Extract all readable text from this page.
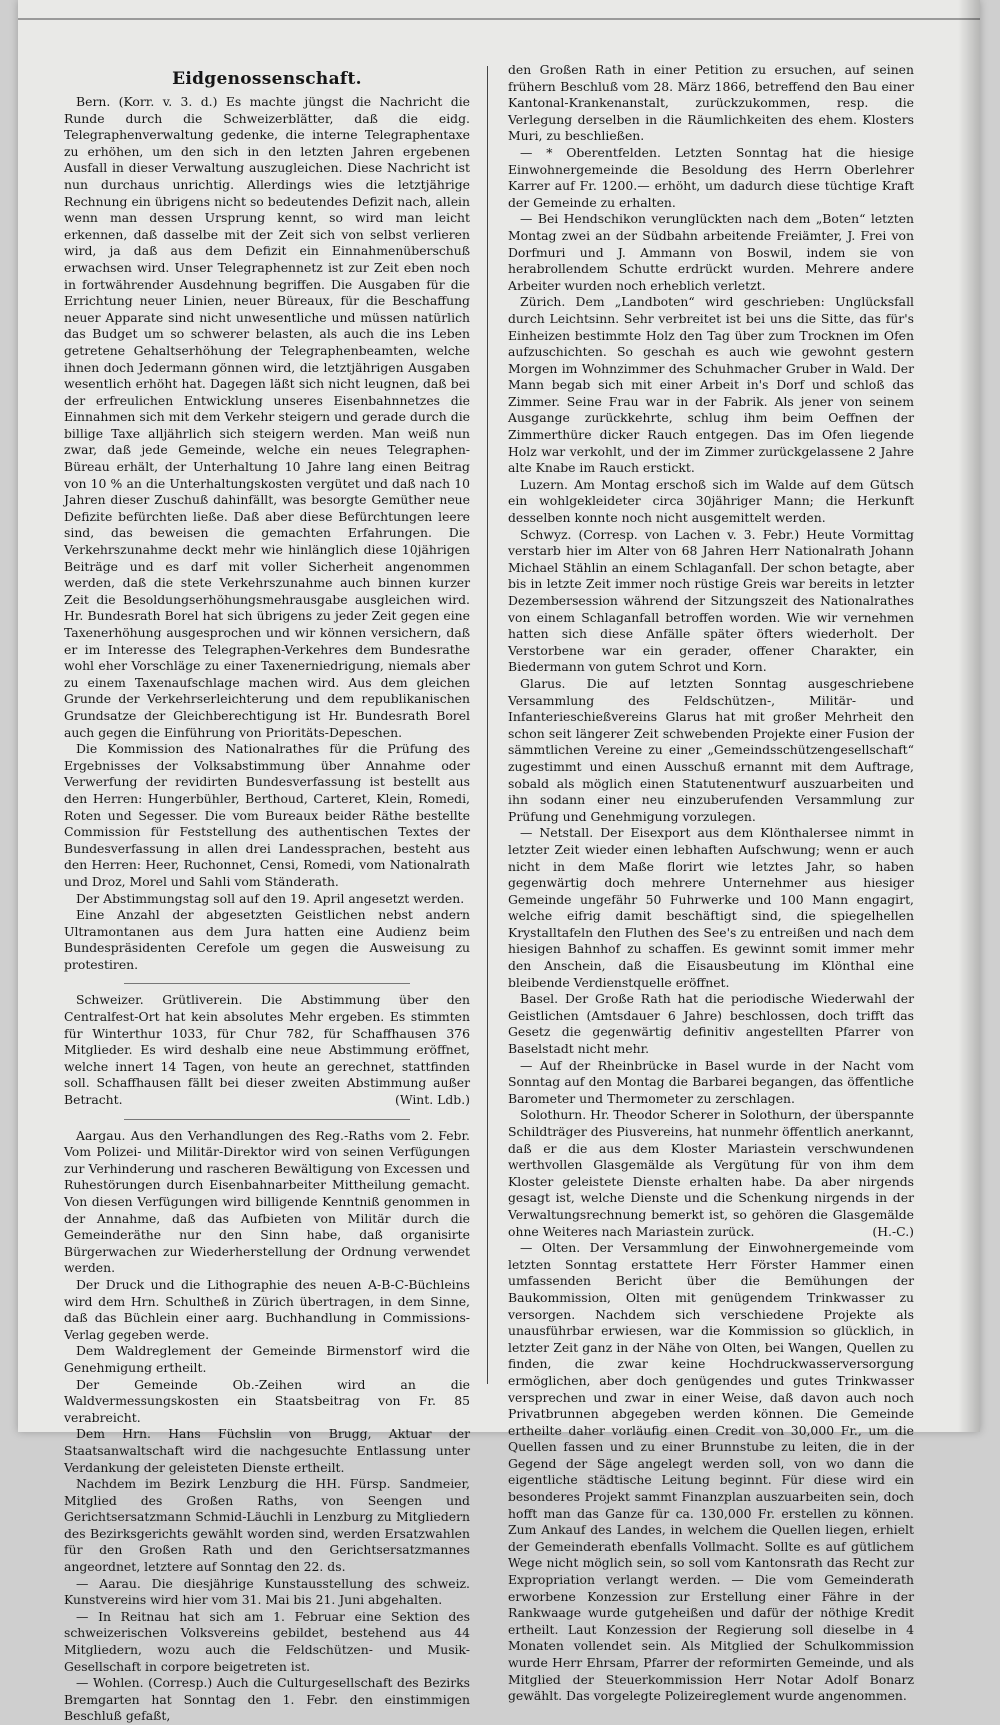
Eidgenossenschaft.

Bern. (Korr. v. 3. d.) Es machte jüngst die Nachricht die Runde durch die Schweizerblätter, daß die eidg. Telegraphenverwaltung gedenke, die interne Telegraphentaxe zu erhöhen, um den sich in den letzten Jahren ergebenen Ausfall in dieser Verwaltung auszugleichen. Diese Nachricht ist nun durchaus unrichtig. Allerdings wies die letztjährige Rechnung ein übrigens nicht so bedeutendes Defizit nach, allein wenn man dessen Ursprung kennt, so wird man leicht erkennen, daß dasselbe mit der Zeit sich von selbst verlieren wird, ja daß aus dem Defizit ein Einnahmenüberschuß erwachsen wird. Unser Telegraphennetz ist zur Zeit eben noch in fortwährender Ausdehnung begriffen. Die Ausgaben für die Errichtung neuer Linien, neuer Büreaux, für die Beschaffung neuer Apparate sind nicht unwesentliche und müssen natürlich das Budget um so schwerer belasten, als auch die ins Leben getretene Gehaltserhöhung der Telegraphenbeamten, welche ihnen doch Jedermann gönnen wird, die letztjährigen Ausgaben wesentlich erhöht hat. Dagegen läßt sich nicht leugnen, daß bei der erfreulichen Entwicklung unseres Eisenbahnnetzes die Einnahmen sich mit dem Verkehr steigern und gerade durch die billige Taxe alljährlich sich steigern werden. Man weiß nun zwar, daß jede Gemeinde, welche ein neues Telegraphen-Büreau erhält, der Unterhaltung 10 Jahre lang einen Beitrag von 10 % an die Unterhaltungskosten vergütet und daß nach 10 Jahren dieser Zuschuß dahinfällt, was besorgte Gemüther neue Defizite befürchten ließe. Daß aber diese Befürchtungen leere sind, das beweisen die gemachten Erfahrungen. Die Verkehrszunahme deckt mehr wie hinlänglich diese 10jährigen Beiträge und es darf mit voller Sicherheit angenommen werden, daß die stete Verkehrszunahme auch binnen kurzer Zeit die Besoldungserhöhungsmehrausgabe ausgleichen wird. Hr. Bundesrath Borel hat sich übrigens zu jeder Zeit gegen eine Taxenerhöhung ausgesprochen und wir können versichern, daß er im Interesse des Telegraphen-Verkehres dem Bundesrathe wohl eher Vorschläge zu einer Taxenerniedrigung, niemals aber zu einem Taxenaufschlage machen wird. Aus dem gleichen Grunde der Verkehrserleichterung und dem republikanischen Grundsatze der Gleichberechtigung ist Hr. Bundesrath Borel auch gegen die Einführung von Prioritäts-Depeschen.

Die Kommission des Nationalrathes für die Prüfung des Ergebnisses der Volksabstimmung über Annahme oder Verwerfung der revidirten Bundesverfassung ist bestellt aus den Herren: Hungerbühler, Berthoud, Carteret, Klein, Romedi, Roten und Segesser. Die vom Bureaux beider Räthe bestellte Commission für Feststellung des authentischen Textes der Bundesverfassung in allen drei Landessprachen, besteht aus den Herren: Heer, Ruchonnet, Censi, Romedi, vom Nationalrath und Droz, Morel und Sahli vom Ständerath.

Der Abstimmungstag soll auf den 19. April angesetzt werden.

Eine Anzahl der abgesetzten Geistlichen nebst andern Ultramontanen aus dem Jura hatten eine Audienz beim Bundespräsidenten Cerefole um gegen die Ausweisung zu protestiren.

Schweizer. Grütliverein. Die Abstimmung über den Centralfest-Ort hat kein absolutes Mehr ergeben. Es stimmten für Winterthur 1033, für Chur 782, für Schaffhausen 376 Mitglieder. Es wird deshalb eine neue Abstimmung eröffnet, welche innert 14 Tagen, von heute an gerechnet, stattfinden soll. Schaffhausen fällt bei dieser zweiten Abstimmung außer Betracht.	(Wint. Ldb.)

Aargau. Aus den Verhandlungen des Reg.-Raths vom 2. Febr. Vom Polizei- und Militär-Direktor wird von seinen Verfügungen zur Verhinderung und rascheren Bewältigung von Excessen und Ruhestörungen durch Eisenbahnarbeiter Mittheilung gemacht. Von diesen Verfügungen wird billigende Kenntniß genommen in der Annahme, daß das Aufbieten von Militär durch die Gemeinderäthe nur den Sinn habe, daß organisirte Bürgerwachen zur Wiederherstellung der Ordnung verwendet werden.

Der Druck und die Lithographie des neuen A-B-C-Büchleins wird dem Hrn. Schultheß in Zürich übertragen, in dem Sinne, daß das Büchlein einer aarg. Buchhandlung in Commissions-Verlag gegeben werde.

Dem Waldreglement der Gemeinde Birmenstorf wird die Genehmigung ertheilt.

Der Gemeinde Ob.-Zeihen wird an die Waldvermessungskosten ein Staatsbeitrag von Fr. 85 verabreicht.

Dem Hrn. Hans Füchslin von Brugg, Aktuar der Staatsanwaltschaft wird die nachgesuchte Entlassung unter Verdankung der geleisteten Dienste ertheilt.

Nachdem im Bezirk Lenzburg die HH. Fürsp. Sandmeier, Mitglied des Großen Raths, von Seengen und Gerichtsersatzmann Schmid-Läuchli in Lenzburg zu Mitgliedern des Bezirksgerichts gewählt worden sind, werden Ersatzwahlen für den Großen Rath und den Gerichtsersatzmannes angeordnet, letztere auf Sonntag den 22. ds.

— Aarau. Die diesjährige Kunstausstellung des schweiz. Kunstvereins wird hier vom 31. Mai bis 21. Juni abgehalten.

— In Reitnau hat sich am 1. Februar eine Sektion des schweizerischen Volksvereins gebildet, bestehend aus 44 Mitgliedern, wozu auch die Feldschützen- und Musik-Gesellschaft in corpore beigetreten ist.

— Wohlen. (Corresp.) Auch die Culturgesellschaft des Bezirks Bremgarten hat Sonntag den 1. Febr. den einstimmigen Beschluß gefaßt,

den Großen Rath in einer Petition zu ersuchen, auf seinen frühern Beschluß vom 28. März 1866, betreffend den Bau einer Kantonal-Krankenanstalt, zurückzukommen, resp. die Verlegung derselben in die Räumlichkeiten des ehem. Klosters Muri, zu beschließen.

— * Oberentfelden. Letzten Sonntag hat die hiesige Einwohnergemeinde die Besoldung des Herrn Oberlehrer Karrer auf Fr. 1200.— erhöht, um dadurch diese tüchtige Kraft der Gemeinde zu erhalten.

— Bei Hendschikon verunglückten nach dem „Boten“ letzten Montag zwei an der Südbahn arbeitende Freiämter, J. Frei von Dorfmuri und J. Ammann von Boswil, indem sie von herabrollendem Schutte erdrückt wurden. Mehrere andere Arbeiter wurden noch erheblich verletzt.

Zürich. Dem „Landboten“ wird geschrieben: Unglücksfall durch Leichtsinn. Sehr verbreitet ist bei uns die Sitte, das für's Einheizen bestimmte Holz den Tag über zum Trocknen im Ofen aufzuschichten. So geschah es auch wie gewohnt gestern Morgen im Wohnzimmer des Schuhmacher Gruber in Wald. Der Mann begab sich mit einer Arbeit in's Dorf und schloß das Zimmer. Seine Frau war in der Fabrik. Als jener von seinem Ausgange zurückkehrte, schlug ihm beim Oeffnen der Zimmerthüre dicker Rauch entgegen. Das im Ofen liegende Holz war verkohlt, und der im Zimmer zurückgelassene 2 Jahre alte Knabe im Rauch erstickt.

Luzern. Am Montag erschoß sich im Walde auf dem Gütsch ein wohlgekleideter circa 30jähriger Mann; die Herkunft desselben konnte noch nicht ausgemittelt werden.

Schwyz. (Corresp. von Lachen v. 3. Febr.) Heute Vormittag verstarb hier im Alter von 68 Jahren Herr Nationalrath Johann Michael Stählin an einem Schlaganfall. Der schon betagte, aber bis in letzte Zeit immer noch rüstige Greis war bereits in letzter Dezembersession während der Sitzungszeit des Nationalrathes von einem Schlaganfall betroffen worden. Wie wir vernehmen hatten sich diese Anfälle später öfters wiederholt. Der Verstorbene war ein gerader, offener Charakter, ein Biedermann von gutem Schrot und Korn.

Glarus. Die auf letzten Sonntag ausgeschriebene Versammlung des Feldschützen-, Militär- und Infanterieschießvereins Glarus hat mit großer Mehrheit den schon seit längerer Zeit schwebenden Projekte einer Fusion der sämmtlichen Vereine zu einer „Gemeindsschützengesellschaft“ zugestimmt und einen Ausschuß ernannt mit dem Auftrage, sobald als möglich einen Statutenentwurf auszuarbeiten und ihn sodann einer neu einzuberufenden Versammlung zur Prüfung und Genehmigung vorzulegen.

— Netstall. Der Eisexport aus dem Klönthalersee nimmt in letzter Zeit wieder einen lebhaften Aufschwung; wenn er auch nicht in dem Maße florirt wie letztes Jahr, so haben gegenwärtig doch mehrere Unternehmer aus hiesiger Gemeinde ungefähr 50 Fuhrwerke und 100 Mann engagirt, welche eifrig damit beschäftigt sind, die spiegelhellen Krystalltafeln den Fluthen des See's zu entreißen und nach dem hiesigen Bahnhof zu schaffen. Es gewinnt somit immer mehr den Anschein, daß die Eisausbeutung im Klönthal eine bleibende Verdienstquelle eröffnet.

Basel. Der Große Rath hat die periodische Wiederwahl der Geistlichen (Amtsdauer 6 Jahre) beschlossen, doch trifft das Gesetz die gegenwärtig definitiv angestellten Pfarrer von Baselstadt nicht mehr.

— Auf der Rheinbrücke in Basel wurde in der Nacht vom Sonntag auf den Montag die Barbarei begangen, das öffentliche Barometer und Thermometer zu zerschlagen.

Solothurn. Hr. Theodor Scherer in Solothurn, der überspannte Schildträger des Piusvereins, hat nunmehr öffentlich anerkannt, daß er die aus dem Kloster Mariastein verschwundenen werthvollen Glasgemälde als Vergütung für von ihm dem Kloster geleistete Dienste erhalten habe. Da aber nirgends gesagt ist, welche Dienste und die Schenkung nirgends in der Verwaltungsrechnung bemerkt ist, so gehören die Glasgemälde ohne Weiteres nach Mariastein zurück.	(H.-C.)

— Olten. Der Versammlung der Einwohnergemeinde vom letzten Sonntag erstattete Herr Förster Hammer einen umfassenden Bericht über die Bemühungen der Baukommission, Olten mit genügendem Trinkwasser zu versorgen. Nachdem sich verschiedene Projekte als unausführbar erwiesen, war die Kommission so glücklich, in letzter Zeit ganz in der Nähe von Olten, bei Wangen, Quellen zu finden, die zwar keine Hochdruckwasserversorgung ermöglichen, aber doch genügendes und gutes Trinkwasser versprechen und zwar in einer Weise, daß davon auch noch Privatbrunnen abgegeben werden können. Die Gemeinde ertheilte daher vorläufig einen Credit von 30,000 Fr., um die Quellen fassen und zu einer Brunnstube zu leiten, die in der Gegend der Säge angelegt werden soll, von wo dann die eigentliche städtische Leitung beginnt. Für diese wird ein besonderes Projekt sammt Finanzplan auszuarbeiten sein, doch hofft man das Ganze für ca. 130,000 Fr. erstellen zu können. Zum Ankauf des Landes, in welchem die Quellen liegen, erhielt der Gemeinderath ebenfalls Vollmacht. Sollte es auf gütlichem Wege nicht möglich sein, so soll vom Kantonsrath das Recht zur Expropriation verlangt werden. — Die vom Gemeinderath erworbene Konzession zur Erstellung einer Fähre in der Rankwaage wurde gutgeheißen und dafür der nöthige Kredit ertheilt. Laut Konzession der Regierung soll dieselbe in 4 Monaten vollendet sein. Als Mitglied der Schulkommission wurde Herr Ehrsam, Pfarrer der reformirten Gemeinde, und als Mitglied der Steuerkommission Herr Notar Adolf Bonarz gewählt. Das vorgelegte Polizeireglement wurde angenommen.
